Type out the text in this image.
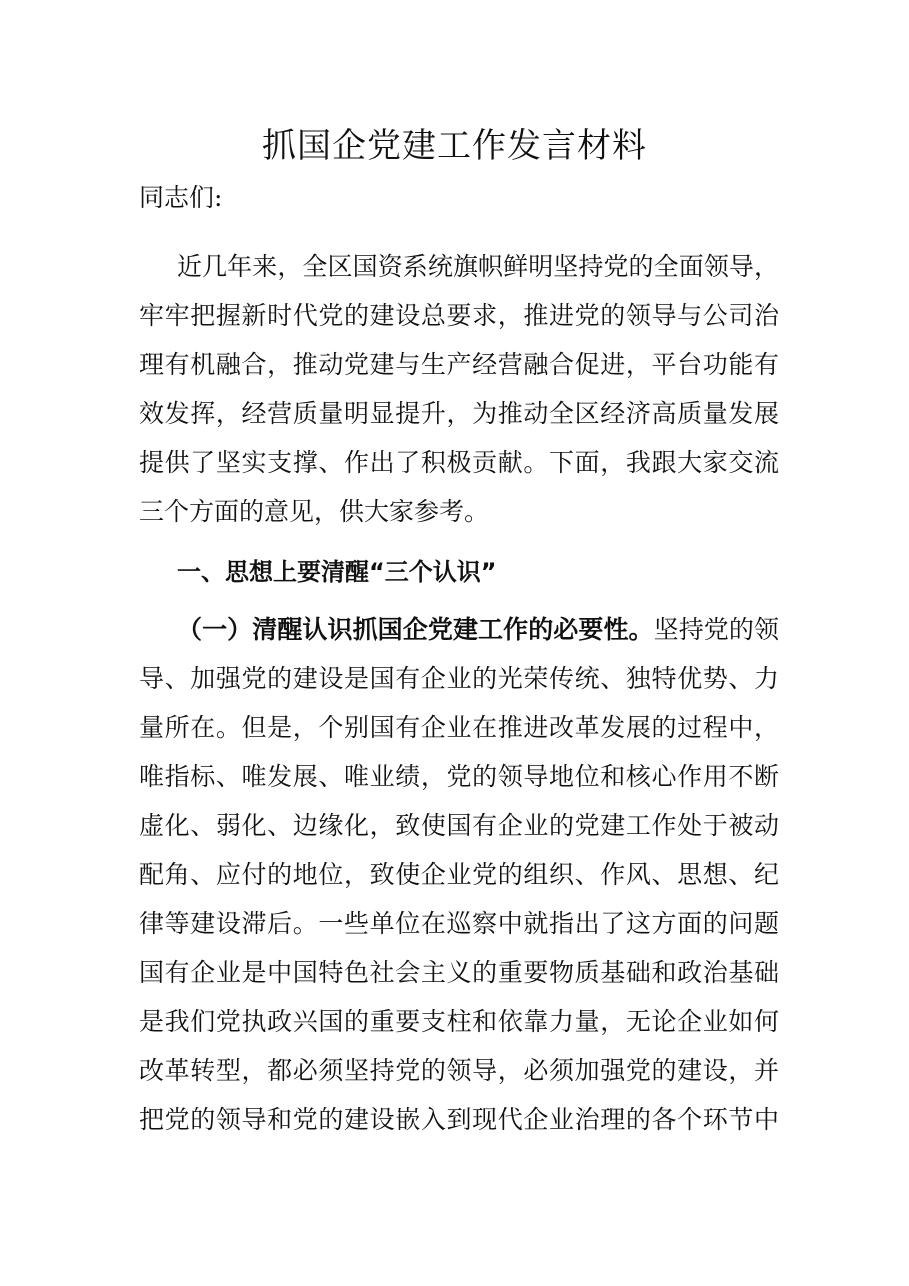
抓国企党建工作发言材料
同志们:
近几年来，全区国资系统旗帜鲜明坚持党的全面领导，
牢牢把握新时代党的建设总要求，推进党的领导与公司治
理有机融合，推动党建与生产经营融合促进，平台功能有
效发挥，经营质量明显提升，为推动全区经济高质量发展
提供了坚实支撑、作出了积极贡献。下面，我跟大家交流
三个方面的意见，供大家参考。
一、思想上要清醒“三个认识”
（一）清醒认识抓国企党建工作的必要性。坚持党的领
导、加强党的建设是国有企业的光荣传统、独特优势、力
量所在。但是，个别国有企业在推进改革发展的过程中，
唯指标、唯发展、唯业绩，党的领导地位和核心作用不断
虚化、弱化、边缘化，致使国有企业的党建工作处于被动
配角、应付的地位，致使企业党的组织、作风、思想、纪
律等建设滞后。一些单位在巡察中就指出了这方面的问题
国有企业是中国特色社会主义的重要物质基础和政治基础
是我们党执政兴国的重要支柱和依靠力量，无论企业如何
改革转型，都必须坚持党的领导，必须加强党的建设，并
把党的领导和党的建设嵌入到现代企业治理的各个环节中
